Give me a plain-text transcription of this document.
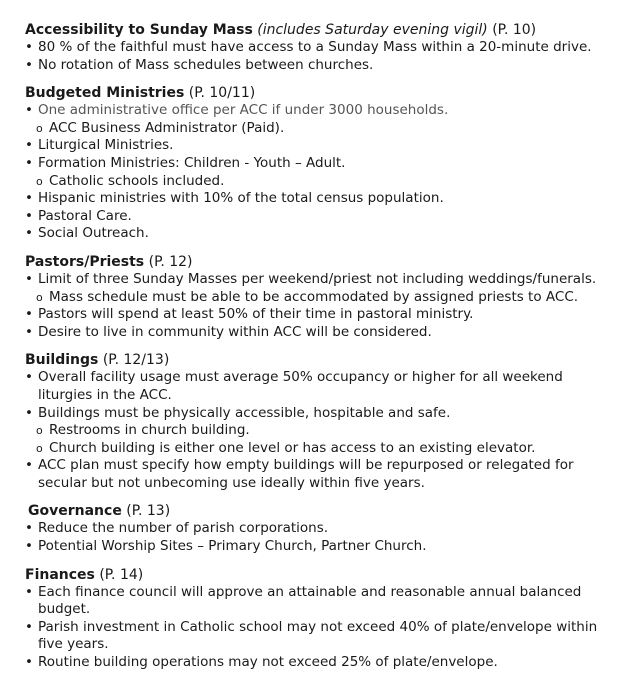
Accessibility to Sunday Mass (includes Saturday evening vigil) (P. 10)
• 80 % of the faithful must have access to a Sunday Mass within a 20-minute drive.
• No rotation of Mass schedules between churches.
Budgeted Ministries (P. 10/11)
• One administrative office per ACC if under 3000 households.
o ACC Business Administrator (Paid).
• Liturgical Ministries.
• Formation Ministries: Children - Youth – Adult.
o Catholic schools included.
• Hispanic ministries with 10% of the total census population.
• Pastoral Care.
• Social Outreach.
Pastors/Priests (P. 12)
• Limit of three Sunday Masses per weekend/priest not including weddings/funerals.
o Mass schedule must be able to be accommodated by assigned priests to ACC.
• Pastors will spend at least 50% of their time in pastoral ministry.
• Desire to live in community within ACC will be considered.
Buildings (P. 12/13)
• Overall facility usage must average 50% occupancy or higher for all weekend liturgies in the ACC.
• Buildings must be physically accessible, hospitable and safe.
o Restrooms in church building.
o Church building is either one level or has access to an existing elevator.
• ACC plan must specify how empty buildings will be repurposed or relegated for secular but not unbecoming use ideally within five years.
Governance (P. 13)
• Reduce the number of parish corporations.
• Potential Worship Sites – Primary Church, Partner Church.
Finances (P. 14)
• Each finance council will approve an attainable and reasonable annual balanced budget.
• Parish investment in Catholic school may not exceed 40% of plate/envelope within five years.
• Routine building operations may not exceed 25% of plate/envelope.
